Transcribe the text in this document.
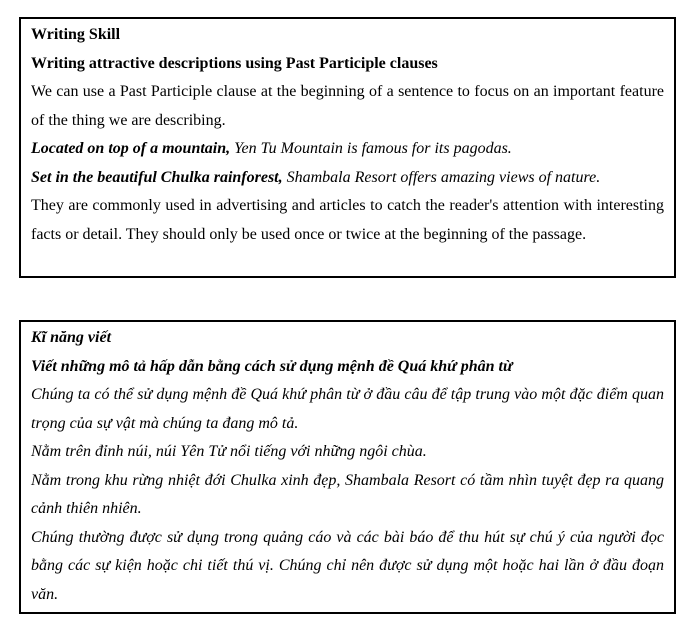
Writing Skill

Writing attractive descriptions using Past Participle clauses

We can use a Past Participle clause at the beginning of a sentence to focus on an important feature of the thing we are describing.

Located on top of a mountain, Yen Tu Mountain is famous for its pagodas.

Set in the beautiful Chulka rainforest, Shambala Resort offers amazing views of nature.

They are commonly used in advertising and articles to catch the reader's attention with interesting facts or detail. They should only be used once or twice at the beginning of the passage.

Kĩ năng viết

Viết những mô tả hấp dẫn bằng cách sử dụng mệnh đề Quá khứ phân từ

Chúng ta có thể sử dụng mệnh đề Quá khứ phân từ ở đầu câu để tập trung vào một đặc điểm quan trọng của sự vật mà chúng ta đang mô tả.

Nằm trên đỉnh núi, núi Yên Tử nổi tiếng với những ngôi chùa.

Nằm trong khu rừng nhiệt đới Chulka xinh đẹp, Shambala Resort có tầm nhìn tuyệt đẹp ra quang cảnh thiên nhiên.

Chúng thường được sử dụng trong quảng cáo và các bài báo để thu hút sự chú ý của người đọc bằng các sự kiện hoặc chi tiết thú vị. Chúng chỉ nên được sử dụng một hoặc hai lần ở đầu đoạn văn.
